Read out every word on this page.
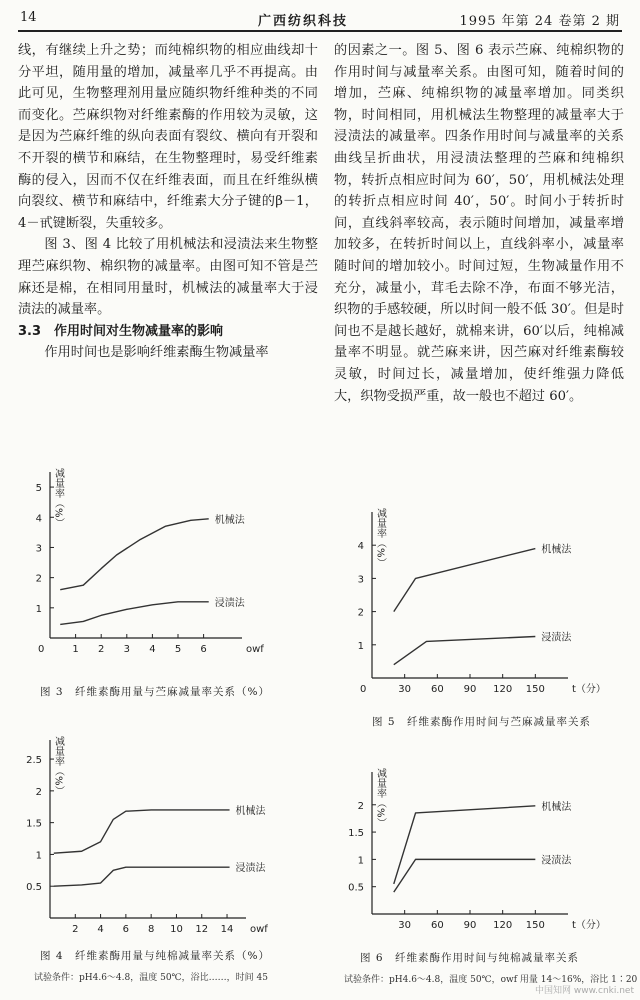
14	广西纺织科技	1995 年第 24 卷第 2 期

线，有继续上升之势；而纯棉织物的相应曲线却十分平坦，随用量的增加，减量率几乎不再提高。由此可见，生物整理剂用量应随织物纤维种类的不同而变化。苎麻织物对纤维素酶的作用较为灵敏，这是因为苎麻纤维的纵向表面有裂纹、横向有开裂和不开裂的横节和麻结，在生物整理时，易受纤维素酶的侵入，因而不仅在纤维表面，而且在纤维纵横向裂纹、横节和麻结中，纤维素大分子键的β－1，4－甙键断裂，失重较多。

图 3、图 4 比较了用机械法和浸渍法来生物整理苎麻织物、棉织物的减量率。由图可知不管是苎麻还是棉，在相同用量时，机械法的减量率大于浸渍法的减量率。

3.3　作用时间对生物减量率的影响

作用时间也是影响纤维素酶生物减量率

的因素之一。图 5、图 6 表示苎麻、纯棉织物的作用时间与减量率关系。由图可知，随着时间的增加，苎麻、纯棉织物的减量率增加。同类织物，时间相同，用机械法生物整理的减量率大于浸渍法的减量率。四条作用时间与减量率的关系曲线呈折曲状，用浸渍法整理的苎麻和纯棉织物，转折点相应时间为 60′，50′，用机械法处理的转折点相应时间 40′，50′。时间小于转折时间，直线斜率较高，表示随时间增加，减量率增加较多，在转折时间以上，直线斜率小，减量率随时间的增加较小。时间过短，生物减量作用不充分，减量小，茸毛去除不净，布面不够光洁，织物的手感较硬，所以时间一般不低 30′。但是时间也不是越长越好，就棉来讲，60′以后，纯棉减量率不明显。就苎麻来讲，因苎麻对纤维素酶较灵敏，时间过长，减量增加，使纤维强力降低大，织物受损严重，故一般也不超过 60′。

减量率（%）
owf
0	1 2 3 4 5 6
1
2
3
4
5
机械法
浸渍法
图 3　纤维素酶用量与苎麻减量率关系（%）
减量率（%）
owf
2 4 6 8 10 12 14
0.5
1
1.5
2
2.5
机械法
浸渍法
图 4　纤维素酶用量与纯棉减量率关系（%）
试验条件：pH4.6～4.8，温度 50℃，浴比……，时间 45
减量率（%）
t（分）
0	30 60 90 120 150
1
2
3
4	机械法
浸渍法
图 5　纤维素酶作用时间与苎麻减量率关系
减量率（%）
t（分）
30 60 90 120 150
0.5
1
1.5
2	机械法
浸渍法
图 6　纤维素酶作用时间与纯棉减量率关系
试验条件：pH4.6～4.8，温度 50℃，owf 用量 14～16%，浴比 1∶20
中国知网 www.cnki.net
